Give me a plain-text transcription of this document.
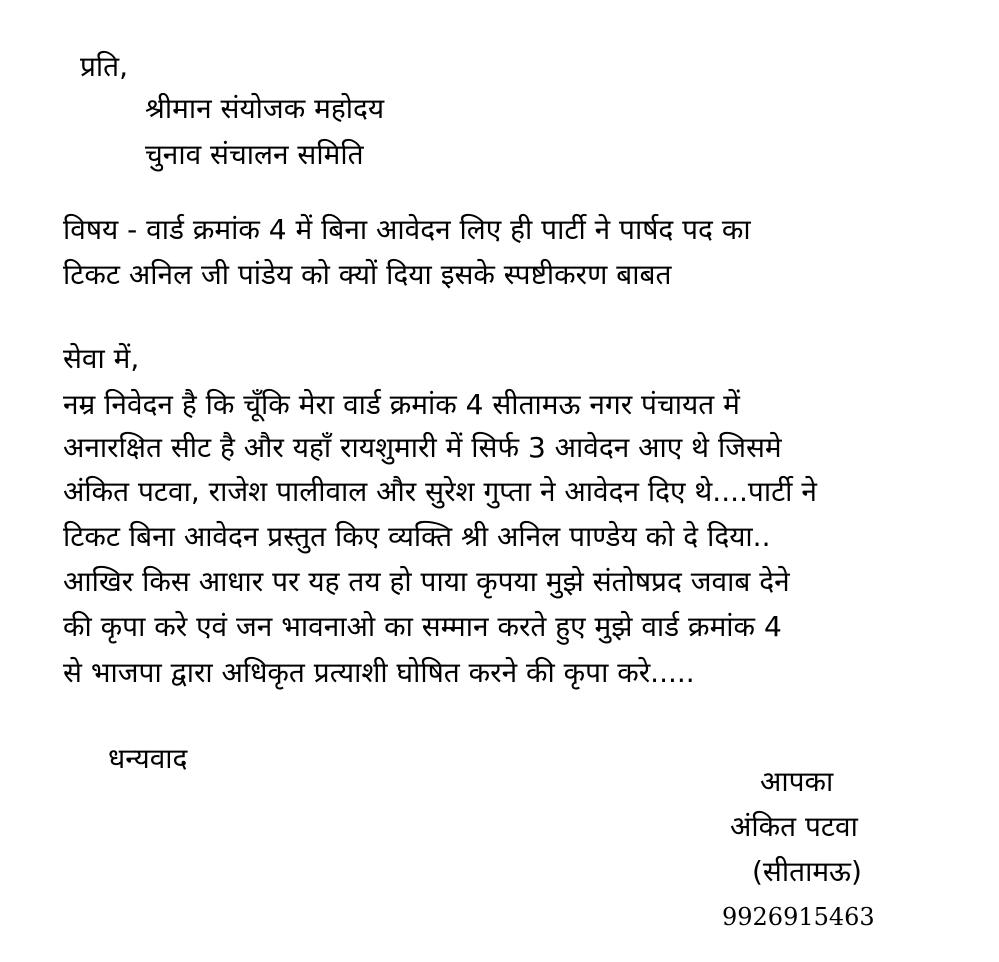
प्रति,

श्रीमान संयोजक महोदय

चुनाव संचालन समिति

विषय - वार्ड क्रमांक 4 में बिना आवेदन लिए ही पार्टी ने पार्षद पद का

टिकट अनिल जी पांडेय को क्यों दिया इसके स्पष्टीकरण बाबत

सेवा में,

नम्र निवेदन है कि चूँकि मेरा वार्ड क्रमांक 4 सीतामऊ नगर पंचायत में

अनारक्षित सीट है और यहाँ रायशुमारी में सिर्फ 3 आवेदन आए थे जिसमे

अंकित पटवा, राजेश पालीवाल और सुरेश गुप्ता ने आवेदन दिए थे....पार्टी ने

टिकट बिना आवेदन प्रस्तुत किए व्यक्ति श्री अनिल पाण्डेय को दे दिया..

आखिर किस आधार पर यह तय हो पाया कृपया मुझे संतोषप्रद जवाब देने

की कृपा करे एवं जन भावनाओ का सम्मान करते हुए मुझे वार्ड क्रमांक 4

से भाजपा द्वारा अधिकृत प्रत्याशी घोषित करने की कृपा करे.....

धन्यवाद

आपका

अंकित पटवा

(सीतामऊ)

9926915463
